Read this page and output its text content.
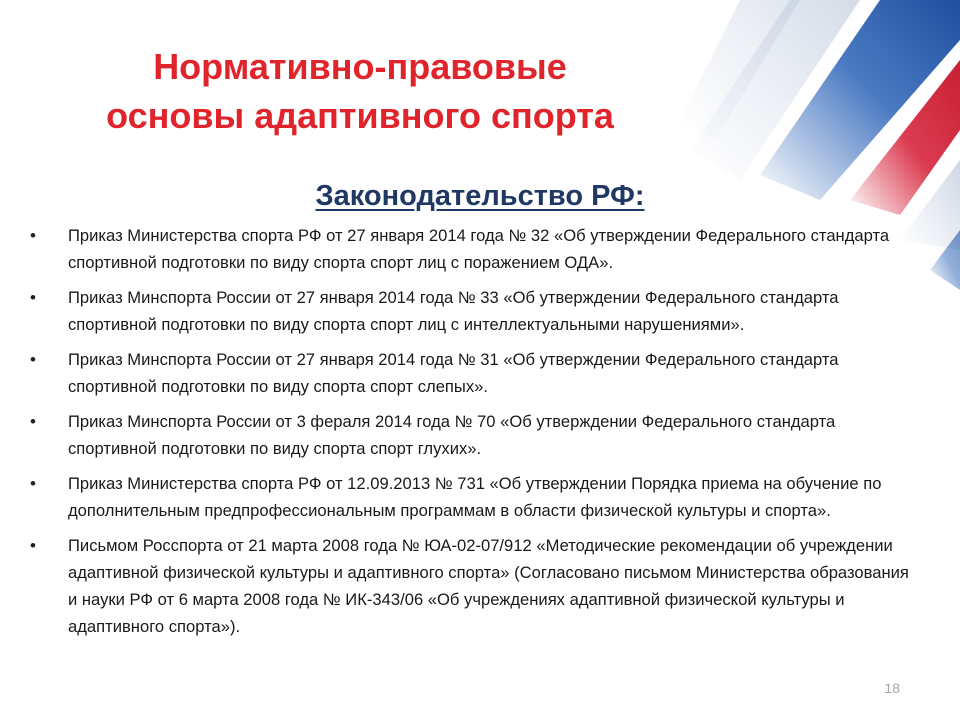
Нормативно-правовые
основы адаптивного спорта
Законодательство РФ:
• Приказ Министерства спорта РФ от 27 января 2014 года № 32 «Об утверждении Федерального стандарта спортивной подготовки по виду спорта спорт лиц с поражением ОДА».
• Приказ Минспорта России от 27 января 2014 года № 33 «Об утверждении Федерального стандарта спортивной подготовки по виду спорта спорт лиц с интеллектуальными нарушениями».
• Приказ Минспорта России от 27 января 2014 года № 31 «Об утверждении Федерального стандарта спортивной подготовки по виду спорта спорт слепых».
• Приказ Минспорта России от 3 фераля 2014 года № 70 «Об утверждении Федерального стандарта спортивной подготовки по виду спорта спорт глухих».
• Приказ Министерства спорта РФ от 12.09.2013 № 731 «Об утверждении Порядка приема на обучение по дополнительным предпрофессиональным программам в области физической культуры и спорта».
• Письмом Росспорта от 21 марта 2008 года № ЮА-02-07/912 «Методические рекомендации об учреждении адаптивной физической культуры и адаптивного спорта» (Согласовано письмом Министерства образования и науки РФ от 6 марта 2008 года № ИК-343/06 «Об учреждениях адаптивной физической культуры и адаптивного спорта»).
18
